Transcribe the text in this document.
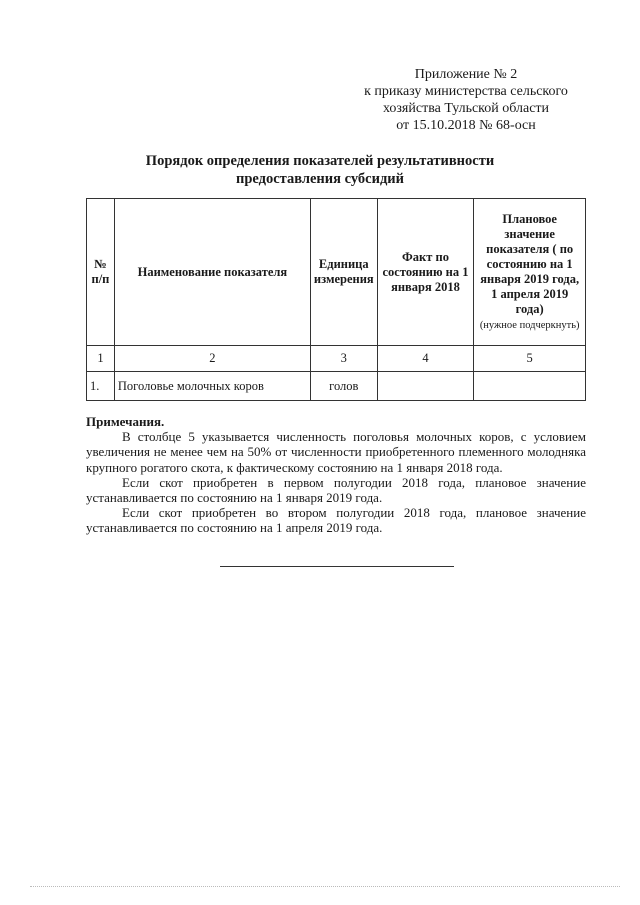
Приложение № 2
к приказу министерства сельского
хозяйства Тульской области
от 15.10.2018 № 68-осн
Порядок определения показателей результативности
предоставления субсидий
№ п/п	Наименование показателя	Единица измерения	Факт по состоянию на 1 января 2018	Плановое значение показателя ( по состоянию на 1 января 2019 года, 1 апреля 2019 года)
(нужное подчеркнуть)
1	2	3	4	5
1.	Поголовье молочных коров	голов		

Примечания.

В столбце 5 указывается численность поголовья молочных коров, с условием увеличения не менее чем на 50% от численности приобретенного племенного молодняка крупного рогатого скота, к фактическому состоянию на 1 января 2018 года.

Если скот приобретен в первом полугодии 2018 года, плановое значение устанавливается по состоянию на 1 января 2019 года.

Если скот приобретен во втором полугодии 2018 года, плановое значение устанавливается по состоянию на 1 апреля 2019 года.
